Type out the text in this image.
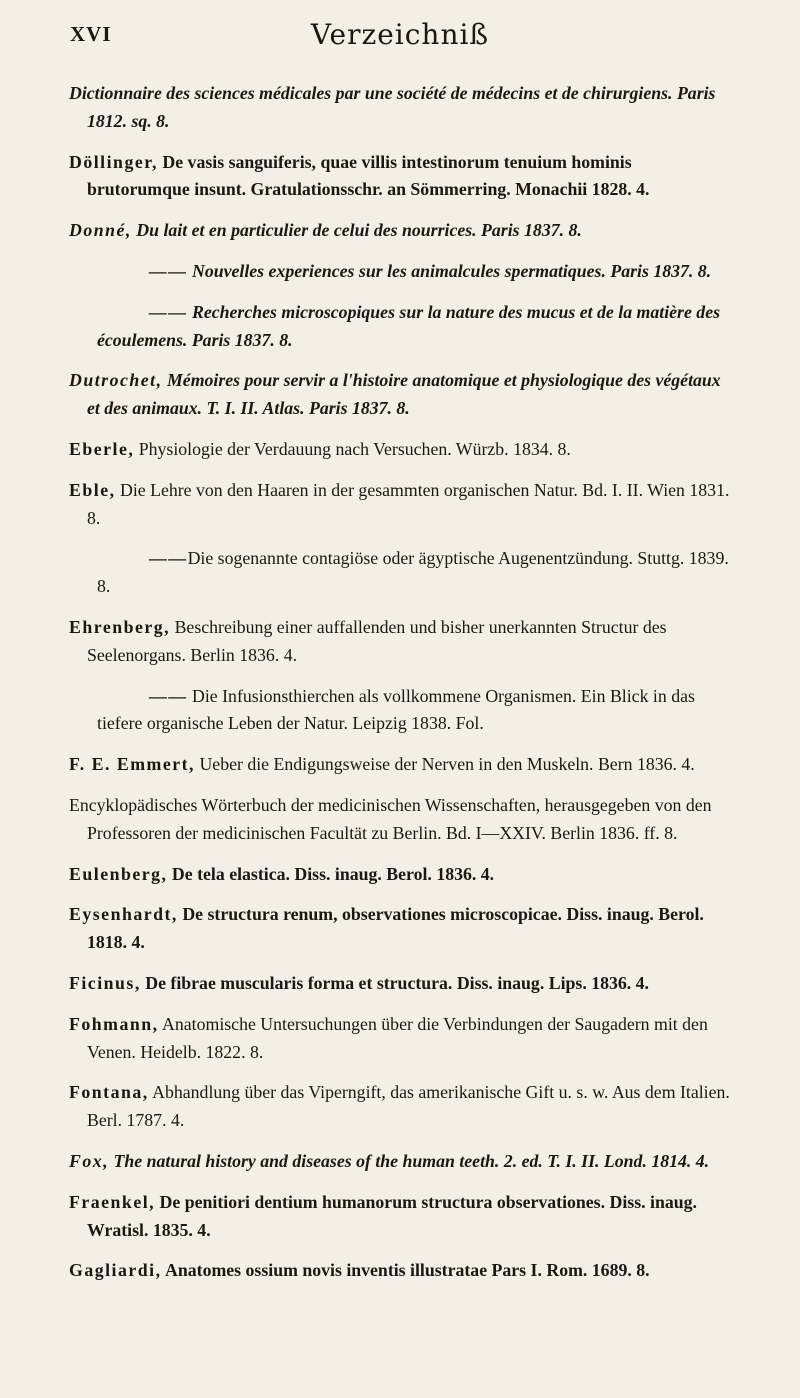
XVI	Verzeichniß

Dictionnaire des sciences médicales par une société de médecins et de chirurgiens. Paris 1812. sq. 8.

Döllinger, De vasis sanguiferis, quae villis intestinorum tenuium hominis brutorumque insunt. Gratulationsschr. an Sömmerring. Monachii 1828. 4.

Donné, Du lait et en particulier de celui des nourrices. Paris 1837. 8.

—— Nouvelles experiences sur les animalcules spermatiques. Paris 1837. 8.

—— Recherches microscopiques sur la nature des mucus et de la matière des écoulemens. Paris 1837. 8.

Dutrochet, Mémoires pour servir a l'histoire anatomique et physiologique des végétaux et des animaux. T. I. II. Atlas. Paris 1837. 8.

Eberle, Physiologie der Verdauung nach Versuchen. Würzb. 1834. 8.

Eble, Die Lehre von den Haaren in der gesammten organischen Natur. Bd. I. II. Wien 1831. 8.

——Die sogenannte contagiöse oder ägyptische Augenentzündung. Stuttg. 1839. 8.

Ehrenberg, Beschreibung einer auffallenden und bisher unerkannten Structur des Seelenorgans. Berlin 1836. 4.

—— Die Infusionsthierchen als vollkommene Organismen. Ein Blick in das tiefere organische Leben der Natur. Leipzig 1838. Fol.

F. E. Emmert, Ueber die Endigungsweise der Nerven in den Muskeln. Bern 1836. 4.

Encyklopädisches Wörterbuch der medicinischen Wissenschaften, herausgegeben von den Professoren der medicinischen Facultät zu Berlin. Bd. I—XXIV. Berlin 1836. ff. 8.

Eulenberg, De tela elastica. Diss. inaug. Berol. 1836. 4.

Eysenhardt, De structura renum, observationes microscopicae. Diss. inaug. Berol. 1818. 4.

Ficinus, De fibrae muscularis forma et structura. Diss. inaug. Lips. 1836. 4.

Fohmann, Anatomische Untersuchungen über die Verbindungen der Saugadern mit den Venen. Heidelb. 1822. 8.

Fontana, Abhandlung über das Viperngift, das amerikanische Gift u. s. w. Aus dem Italien. Berl. 1787. 4.

Fox, The natural history and diseases of the human teeth. 2. ed. T. I. II. Lond. 1814. 4.

Fraenkel, De penitiori dentium humanorum structura observationes. Diss. inaug. Wratisl. 1835. 4.

Gagliardi, Anatomes ossium novis inventis illustratae Pars I. Rom. 1689. 8.
